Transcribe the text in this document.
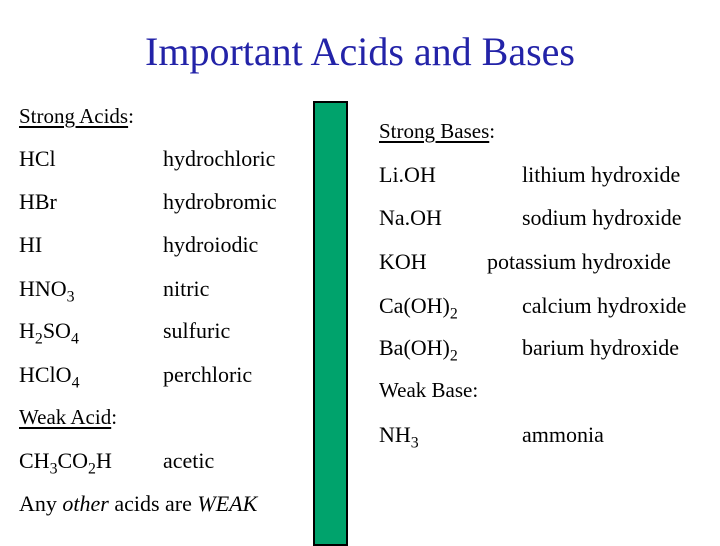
Important Acids and Bases
Strong Acids:
HCl	hydrochloric
HBr	hydrobromic
HI	hydroiodic
$HNO_3$	nitric
$H_2SO_4$	sulfuric
HClO$_4$	perchloric
Weak Acid:
$CH_3CO_2H$ acetic
Any other acids are WEAK
Strong Bases:
Li.OH	lithium hydroxide
Na.OH	sodium hydroxide
KOH	potassium hydroxide
$Ca(OH)_2$	calcium hydroxide
$Ba(OH)_2$	barium hydroxide
Weak Base:
$NH_3$	ammonia
